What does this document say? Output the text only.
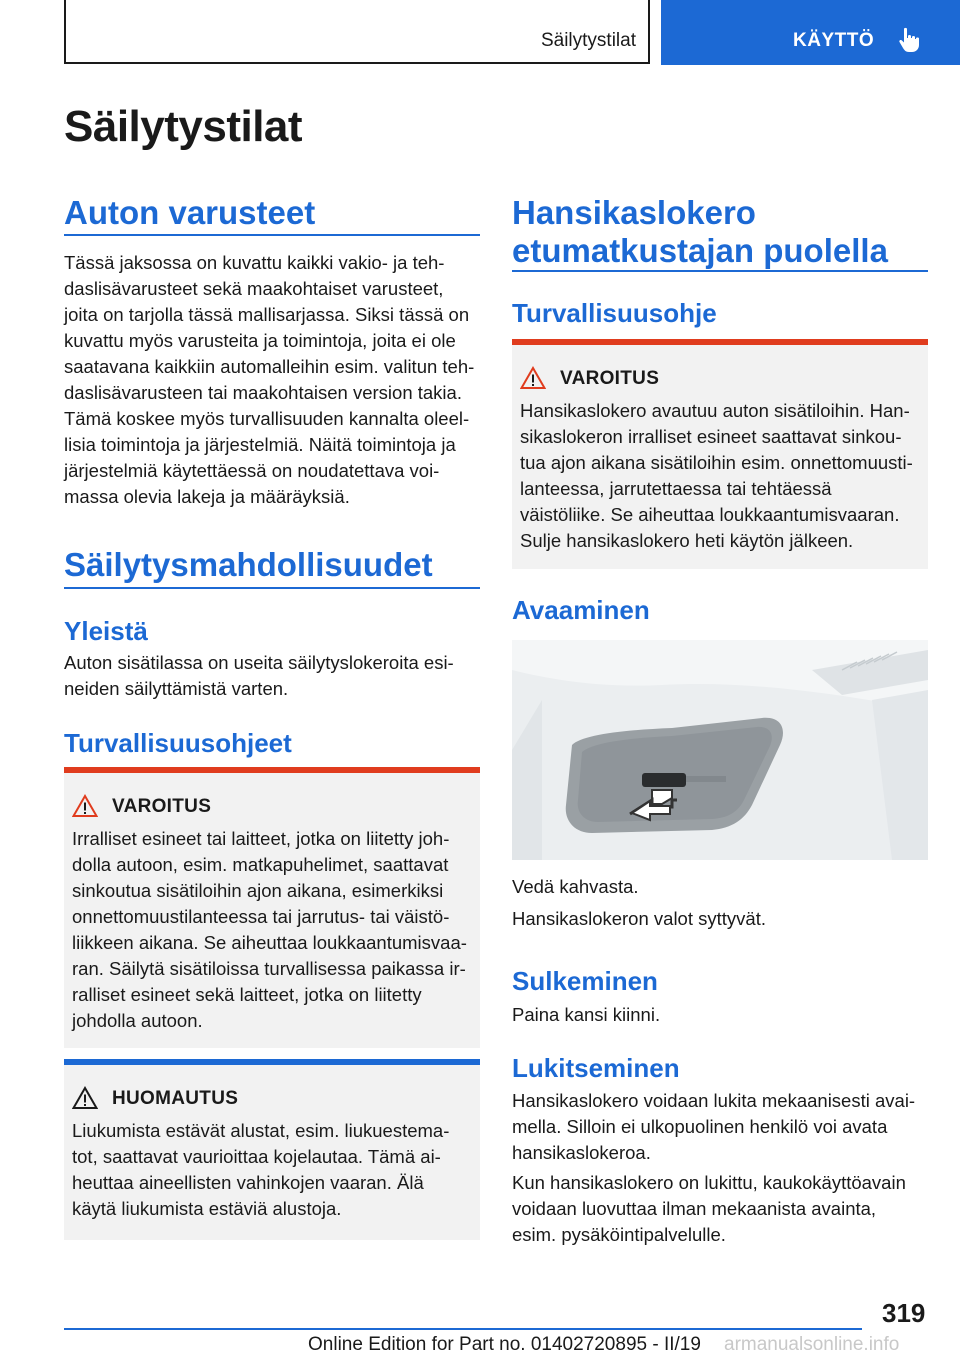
Säilytystilat	KÄYTTÖ
Säilytystilat
Auton varusteet
Tässä jaksossa on kuvattu kaikki vakio- ja teh-
daslisävarusteet sekä maakohtaiset varusteet,
joita on tarjolla tässä mallisarjassa. Siksi tässä on
kuvattu myös varusteita ja toimintoja, joita ei ole
saatavana kaikkiin automalleihin esim. valitun teh-
daslisävarusteen tai maakohtaisen version takia.
Tämä koskee myös turvallisuuden kannalta oleel-
lisia toimintoja ja järjestelmiä. Näitä toimintoja ja
järjestelmiä käytettäessä on noudatettava voi-
massa olevia lakeja ja määräyksiä.
Säilytysmahdollisuudet
Yleistä
Auton sisätilassa on useita säilytyslokeroita esi-
neiden säilyttämistä varten.
Turvallisuusohjeet
VAROITUS
Irralliset esineet tai laitteet, jotka on liitetty joh-
dolla autoon, esim. matkapuhelimet, saattavat
sinkoutua sisätiloihin ajon aikana, esimerkiksi
onnettomuustilanteessa tai jarrutus- tai väistö-
liikkeen aikana. Se aiheuttaa loukkaantumisvaa-
ran. Säilytä sisätiloissa turvallisessa paikassa ir-
ralliset esineet sekä laitteet, jotka on liitetty
johdolla autoon.
HUOMAUTUS
Liukumista estävät alustat, esim. liukuestema-
tot, saattavat vaurioittaa kojelautaa. Tämä ai-
heuttaa aineellisten vahinkojen vaaran. Älä
käytä liukumista estäviä alustoja.
Hansikaslokero
etumatkustajan puolella
Turvallisuusohje
VAROITUS
Hansikaslokero avautuu auton sisätiloihin. Han-
sikaslokeron irralliset esineet saattavat sinkou-
tua ajon aikana sisätiloihin esim. onnettomuusti-
lanteessa, jarrutettaessa tai tehtäessä
väistöliike. Se aiheuttaa loukkaantumisvaaran.
Sulje hansikaslokero heti käytön jälkeen.
Avaaminen
Vedä kahvasta.
Hansikaslokeron valot syttyvät.
Sulkeminen
Paina kansi kiinni.
Lukitseminen
Hansikaslokero voidaan lukita mekaanisesti avai-
mella. Silloin ei ulkopuolinen henkilö voi avata
hansikaslokeroa.
Kun hansikaslokero on lukittu, kaukokäyttöavain
voidaan luovuttaa ilman mekaanista avainta,
esim. pysäköintipalvelulle.
319
Online Edition for Part no. 01402720895 - II/19 armanualsonline.info
